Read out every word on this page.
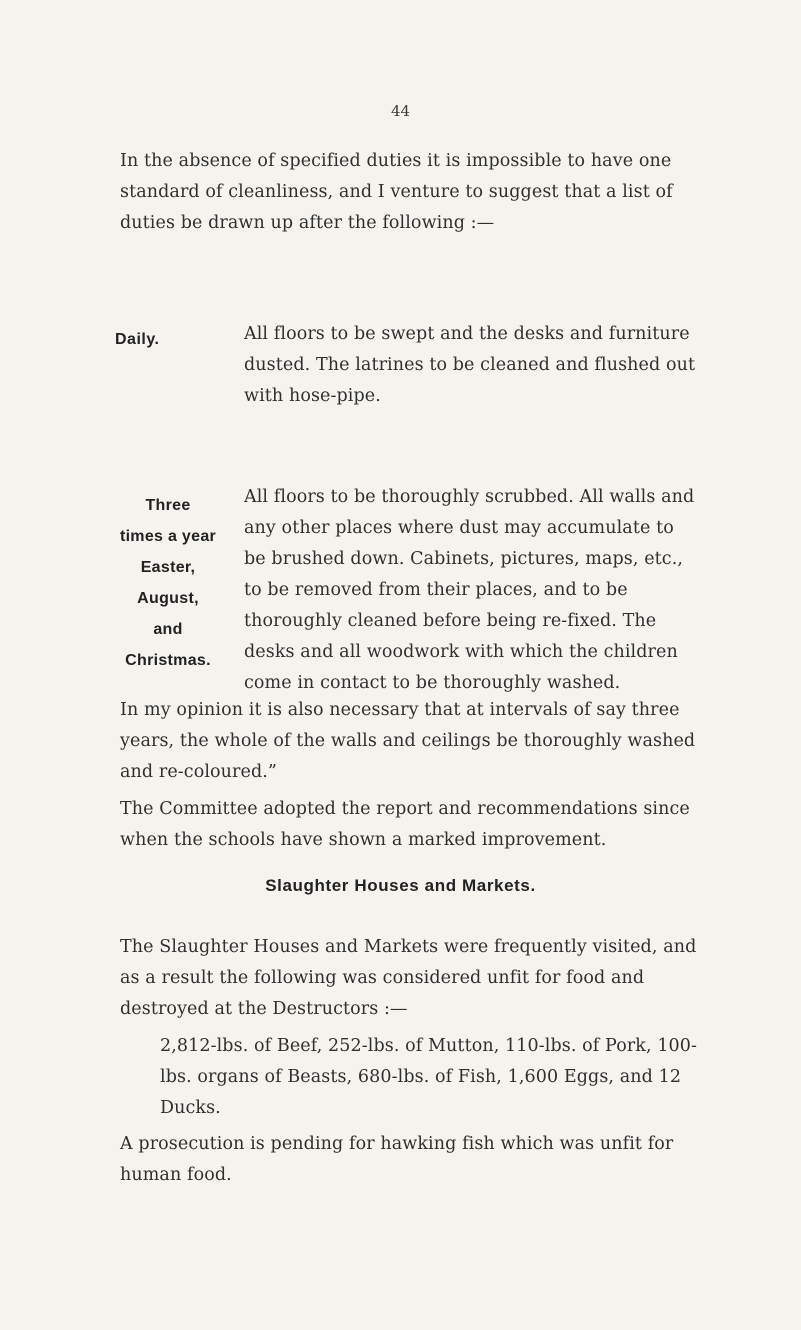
44

In the absence of specified duties it is impossible to have one standard of cleanliness, and I venture to suggest that a list of duties be drawn up after the following :—

Daily.	All floors to be swept and the desks and furniture dusted. The latrines to be cleaned and flushed out with hose-pipe.

Three
times a year
Easter,
August,
and
Christmas.

All floors to be thoroughly scrubbed. All walls and any other places where dust may accumulate to be brushed down. Cabinets, pictures, maps, etc., to be removed from their places, and to be thoroughly cleaned before being re-fixed. The desks and all woodwork with which the children come in contact to be thoroughly washed.

In my opinion it is also necessary that at intervals of say three years, the whole of the walls and ceilings be thoroughly washed and re-coloured.”

The Committee adopted the report and recommendations since when the schools have shown a marked improvement.

Slaughter Houses and Markets.

The Slaughter Houses and Markets were frequently visited, and as a result the following was considered unfit for food and destroyed at the Destructors :—

2,812-lbs. of Beef, 252-lbs. of Mutton, 110-lbs. of Pork, 100-lbs. organs of Beasts, 680-lbs. of Fish, 1,600 Eggs, and 12 Ducks.

A prosecution is pending for hawking fish which was unfit for human food.
